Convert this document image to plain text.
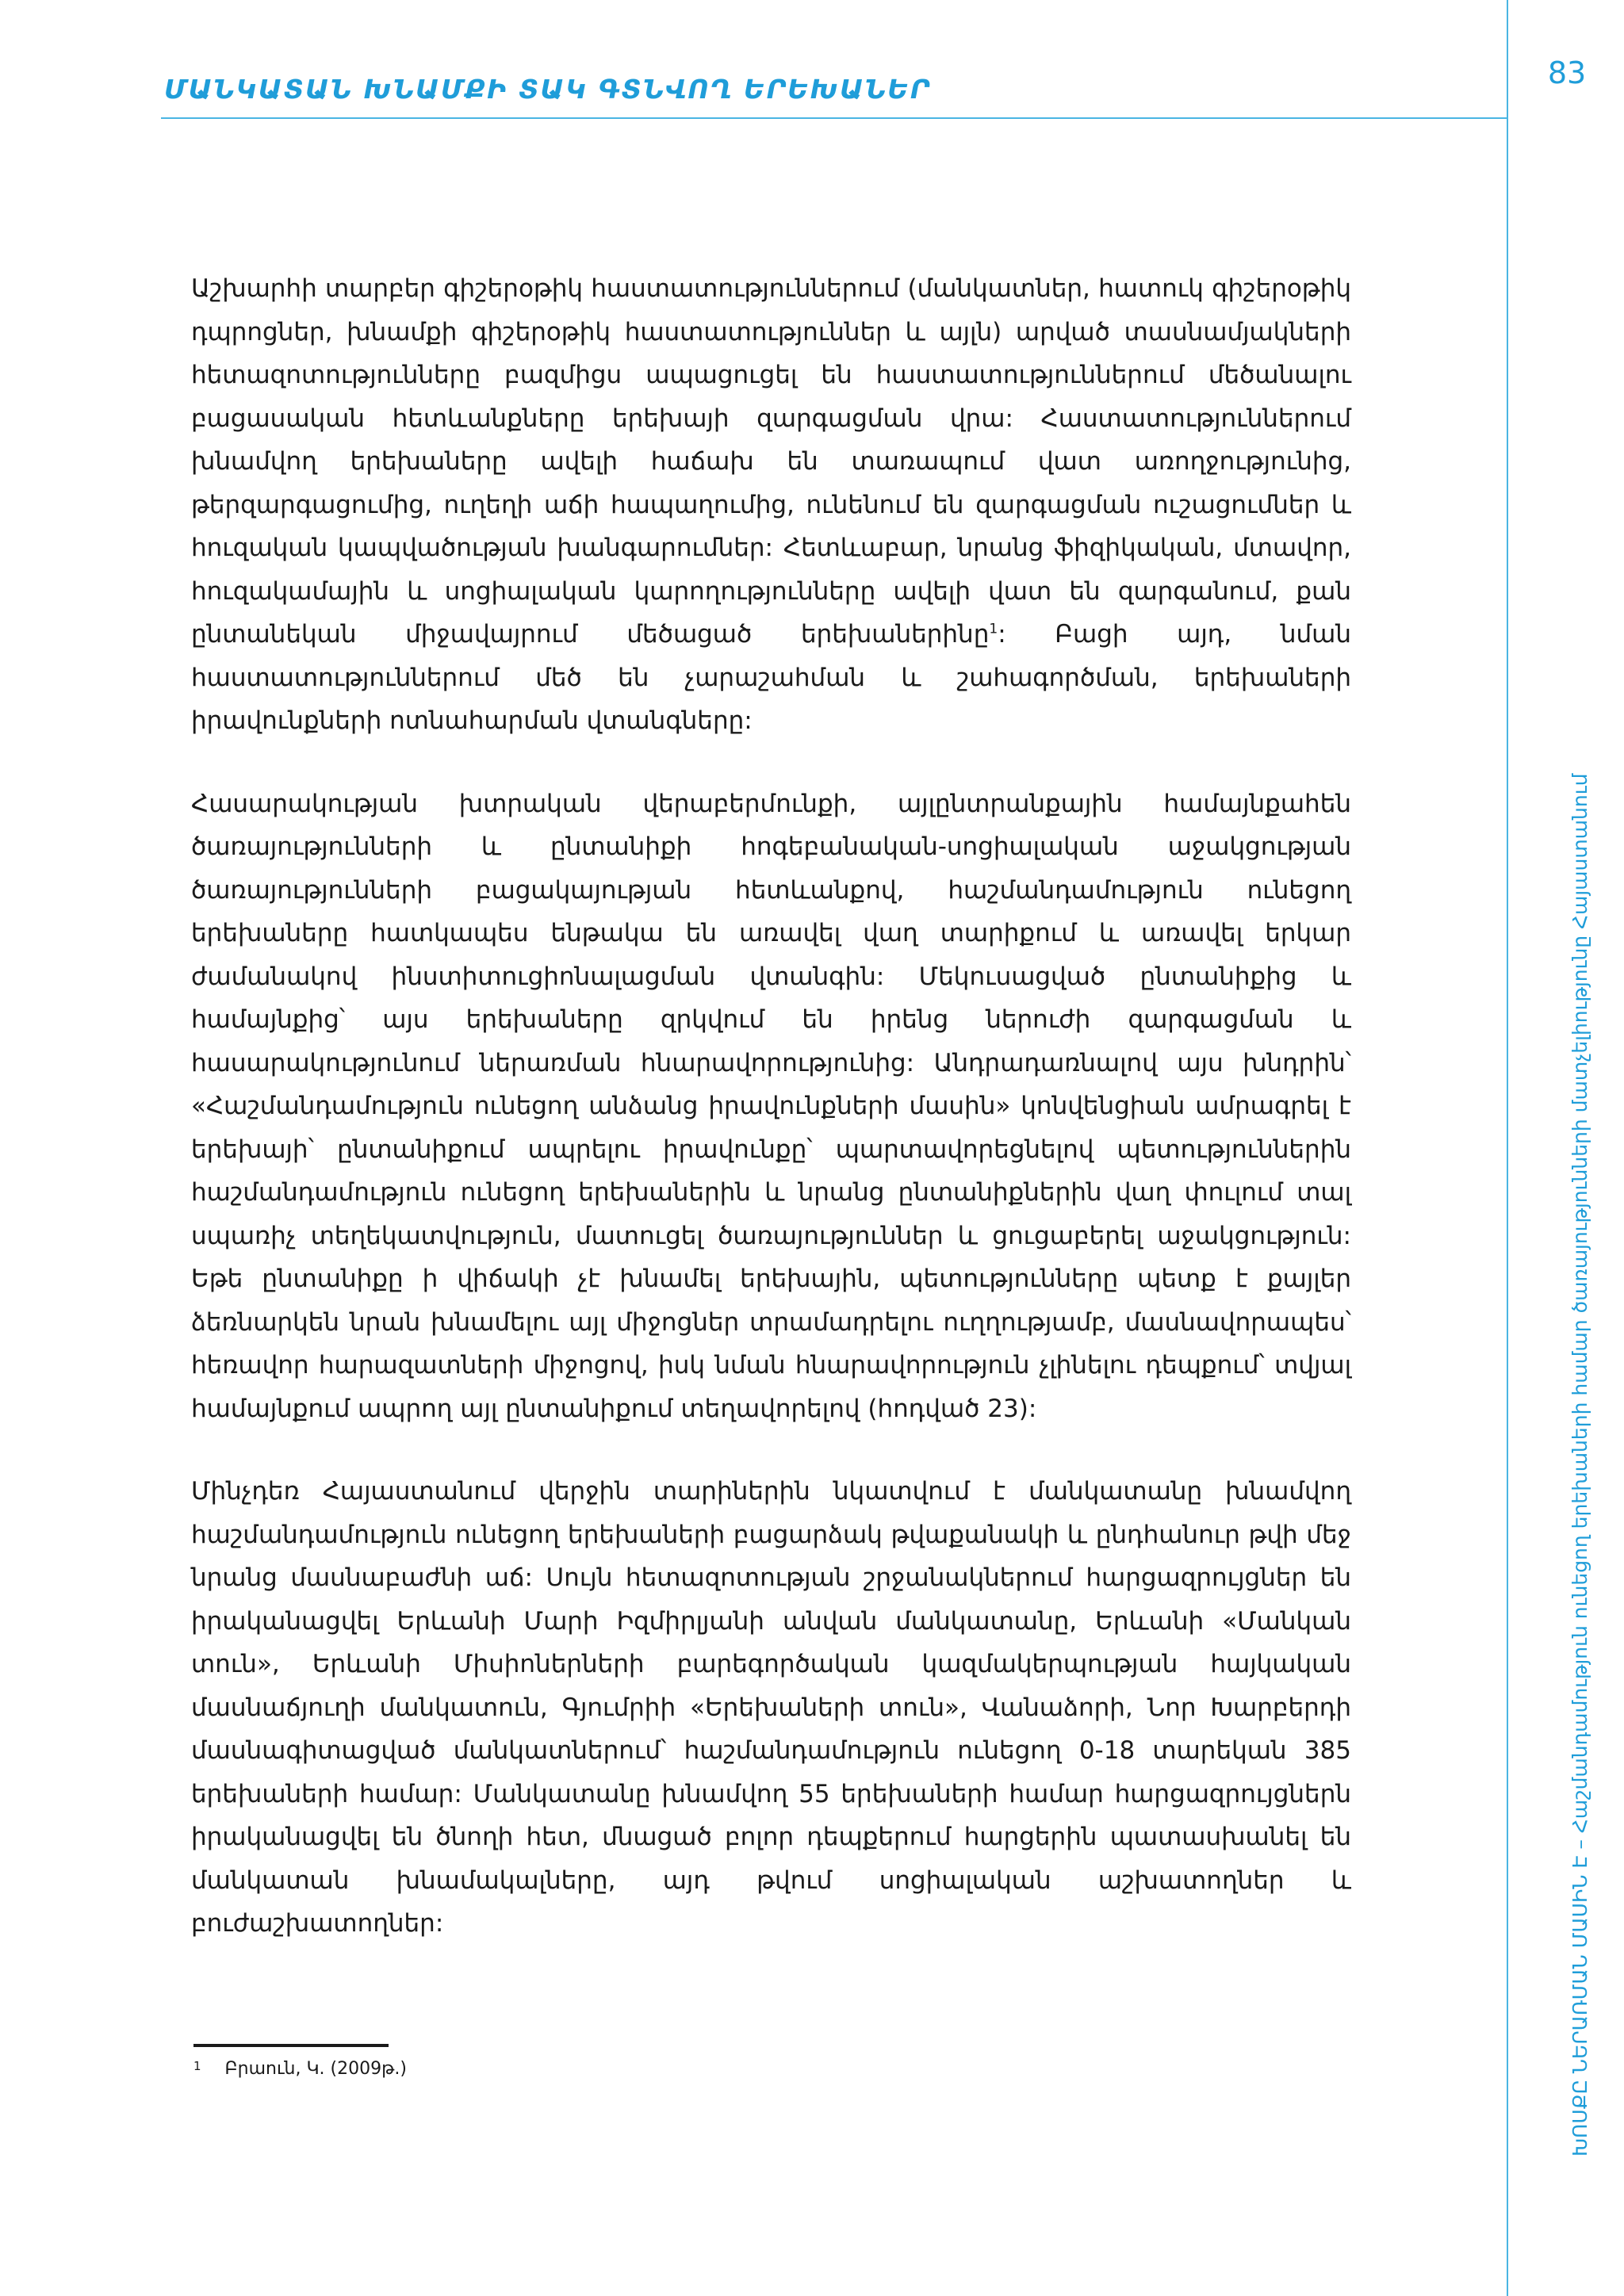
ՄԱՆԿԱՏԱՆ ԽՆԱՄՔԻ ՏԱԿ ԳՏՆՎՈՂ ԵՐԵԽԱՆԵՐ	83
ԽՈՍՔԸ ՆԵՐԱՌՄԱՆ ՄԱՍԻՆ Է – Հաշմանդամություն ունեցող երեխաների համար ծառայությունների մատչելիությունը Հայաստանում

Աշխարհի տարբեր գիշերօթիկ հաստատություններում (մանկատներ, հատուկ գիշերօթիկ դպրոցներ, խնամքի գիշերօթիկ հաստատություններ և այլն) արված տասնամյակների հետազոտությունները բազմիցս ապացուցել են հաստատություններում մեծանալու բացասական հետևանքները երեխայի զարգացման վրա: Հաստատություններում խնամվող երեխաները ավելի հաճախ են տառապում վատ առողջությունից, թերզարգացումից, ուղեղի աճի հապաղումից, ունենում են զարգացման ուշացումներ և հուզական կապվածության խանգարումներ: Հետևաբար, նրանց ֆիզիկական, մտավոր, հուզակամային և սոցիալական կարողությունները ավելի վատ են զարգանում, քան ընտանեկան միջավայրում մեծացած երեխաներինը$^1$: Բացի այդ, նման հաստատություններում մեծ են չարաշահման և շահագործման, երեխաների իրավունքների ոտնահարման վտանգները:

Հասարակության խտրական վերաբերմունքի, այլընտրանքային համայնքահեն ծառայությունների և ընտանիքի հոգեբանական-սոցիալական աջակցության ծառայությունների բացակայության հետևանքով, հաշմանդամություն ունեցող երեխաները հատկապես ենթակա են առավել վաղ տարիքում և առավել երկար ժամանակով ինստիտուցիոնալացման վտանգին: Մեկուսացված ընտանիքից և համայնքից՝ այս երեխաները զրկվում են իրենց ներուժի զարգացման և հասարակությունում ներառման հնարավորությունից: Անդրադառնալով այս խնդրին՝ «Հաշմանդամություն ունեցող անձանց իրավունքների մասին» կոնվենցիան ամրագրել է երեխայի՝ ընտանիքում ապրելու իրավունքը՝ պարտավորեցնելով պետություններին հաշմանդամություն ունեցող երեխաներին և նրանց ընտանիքներին վաղ փուլում տալ սպառիչ տեղեկատվություն, մատուցել ծառայություններ և ցուցաբերել աջակցություն: Եթե ընտանիքը ի վիճակի չէ խնամել երեխային, պետությունները պետք է քայլեր ձեռնարկեն նրան խնամելու այլ միջոցներ տրամադրելու ուղղությամբ, մասնավորապես՝ հեռավոր հարազատների միջոցով, իսկ նման հնարավորություն չլինելու դեպքում՝ տվյալ համայնքում ապրող այլ ընտանիքում տեղավորելով (հոդված 23):

Մինչդեռ Հայաստանում վերջին տարիներին նկատվում է մանկատանը խնամվող հաշմանդամություն ունեցող երեխաների բացարձակ թվաքանակի և ընդհանուր թվի մեջ նրանց մասնաբաժնի աճ: Սույն հետազոտության շրջանակներում հարցազրույցներ են իրականացվել Երևանի Մարի Իզմիրլյանի անվան մանկատանը, Երևանի «Մանկան տուն», Երևանի Միսիոներների բարեգործական կազմակերպության հայկական մասնաճյուղի մանկատուն, Գյումրիի «Երեխաների տուն», Վանաձորի, Նոր Խարբերդի մասնագիտացված մանկատներում՝ հաշմանդամություն ունեցող 0-18 տարեկան 385 երեխաների համար: Մանկատանը խնամվող 55 երեխաների համար հարցազրույցներն իրականացվել են ծնողի հետ, մնացած բոլոր դեպքերում հարցերին պատասխանել են մանկատան խնամակալները, այդ թվում սոցիալական աշխատողներ և բուժաշխատողներ:

$^1$ Բրաուն, Կ. (2009թ.)
